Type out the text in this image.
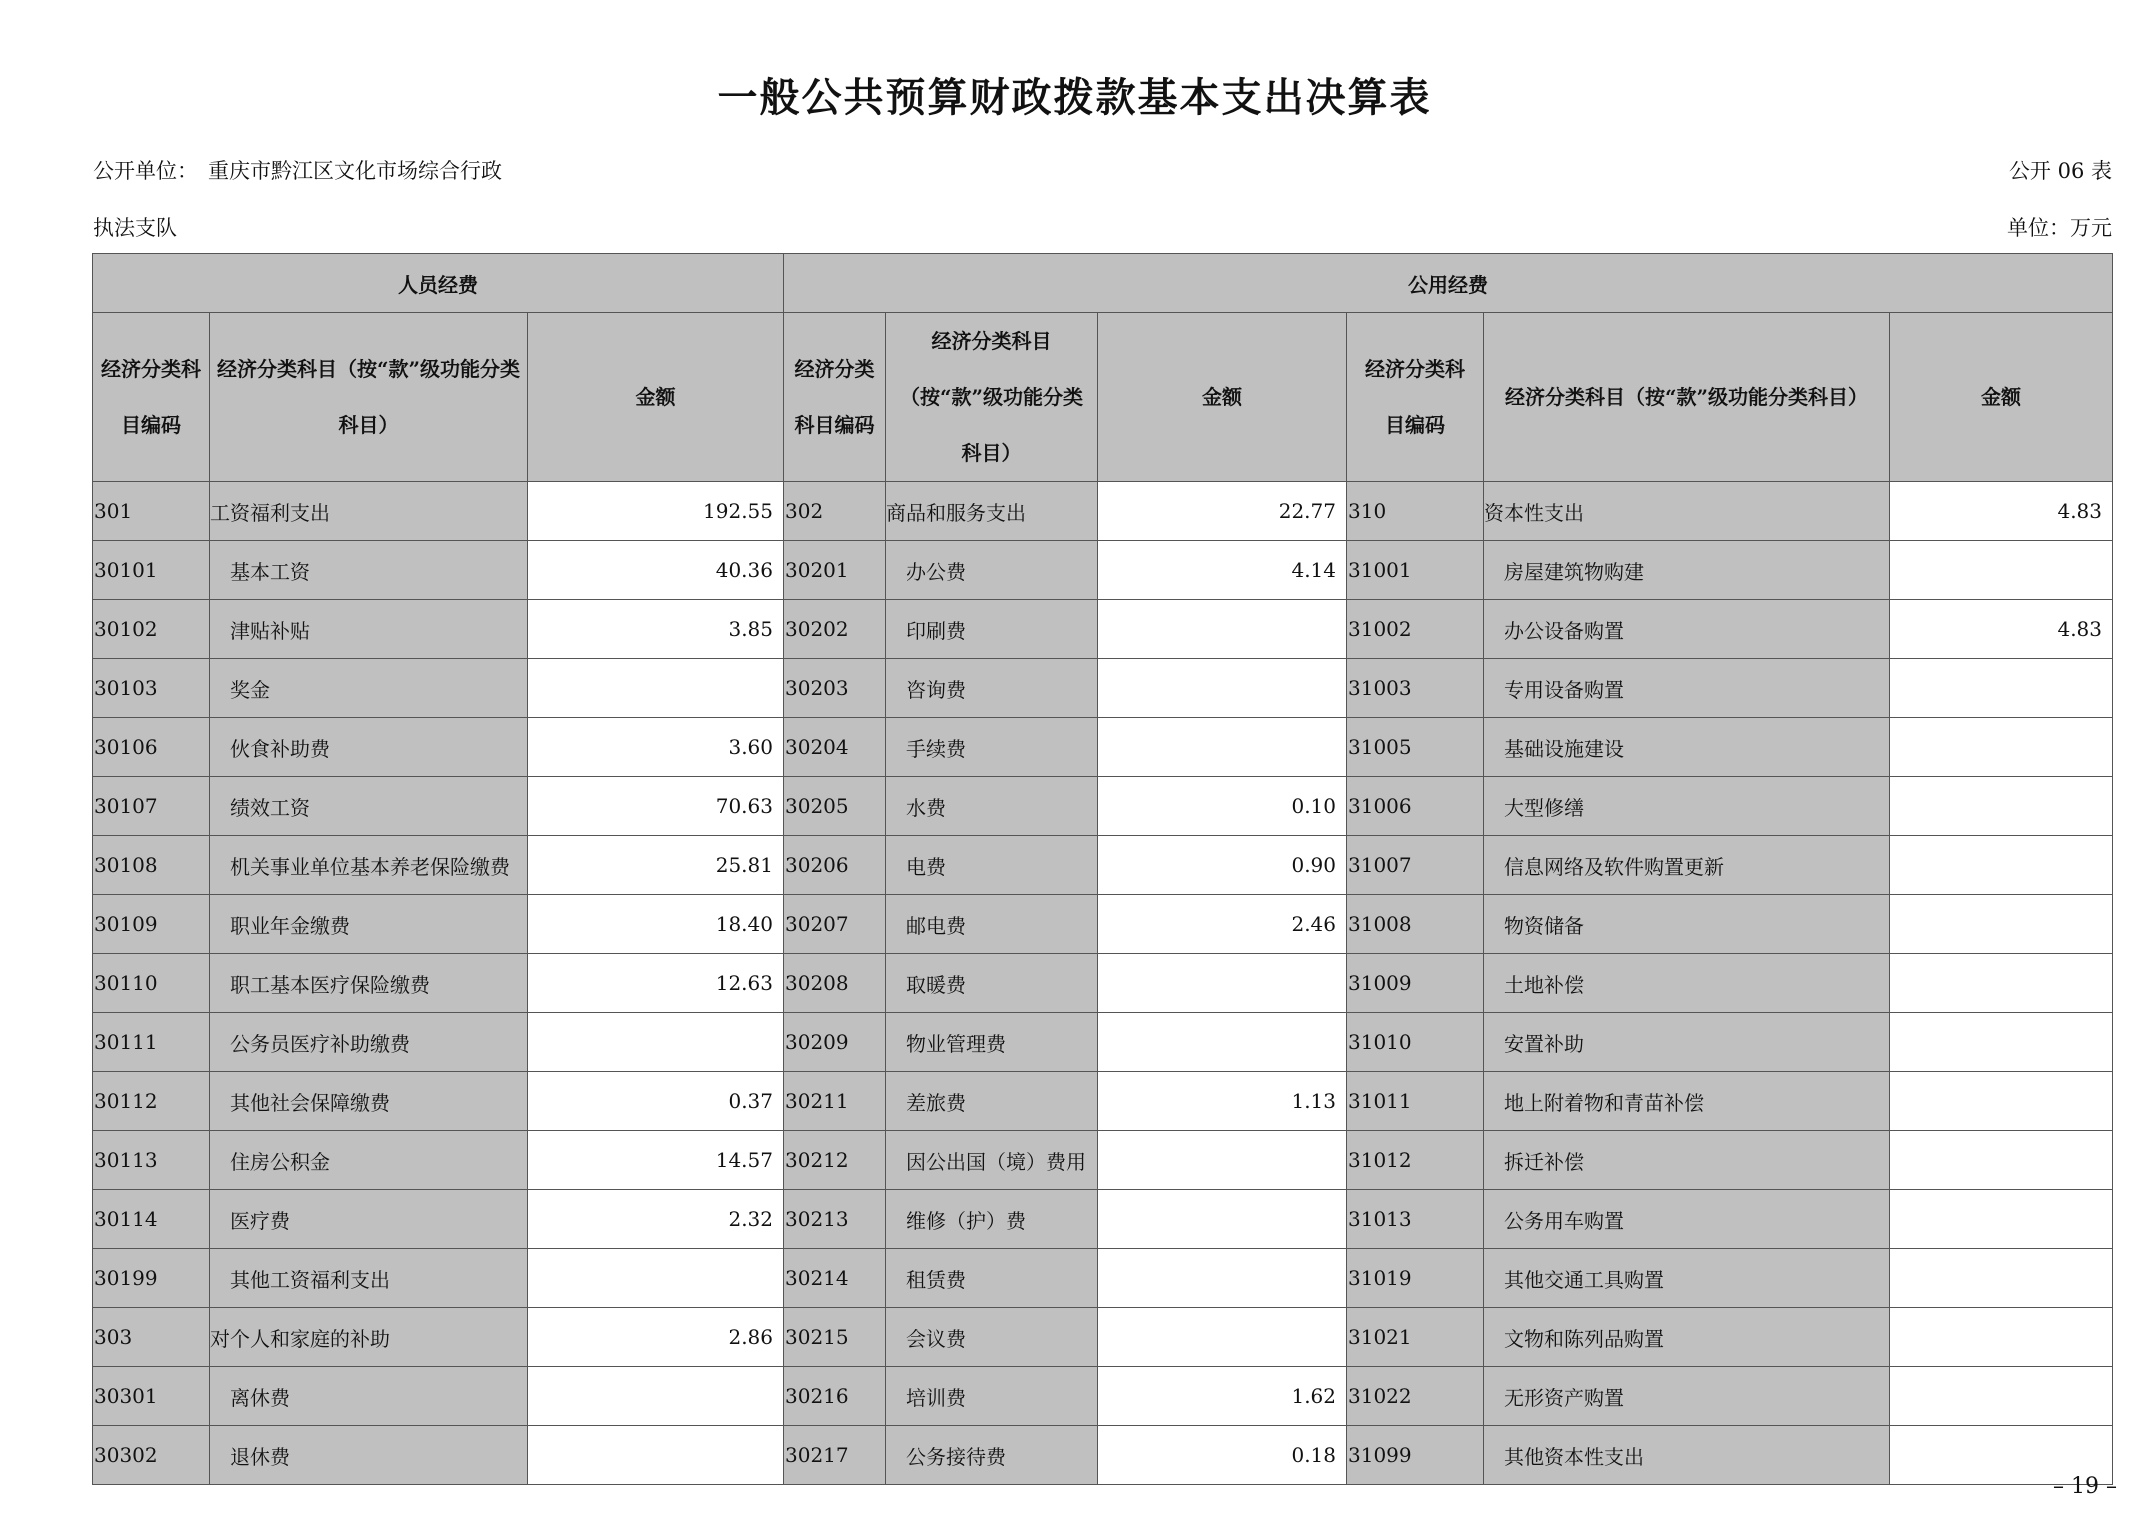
一般公共预算财政拨款基本支出决算表
公开单位： 重庆市黔江区文化市场综合行政
执法支队
公开 06 表
单位：万元
人员经费			公用经费					
经济分类科目编码	经济分类科目（按“款”级功能分类科目）	金额	经济分类科目编码	经济分类科目（按“款”级功能分类科目）	金额	经济分类科目编码	经济分类科目（按“款”级功能分类科目）	金额
301	工资福利支出	192.55	302	商品和服务支出	22.77	310	资本性支出	4.83
30101	基本工资	40.36	30201	办公费	4.14	31001	房屋建筑物购建	
30102	津贴补贴	3.85	30202	印刷费		31002	办公设备购置	4.83
30103	奖金		30203	咨询费		31003	专用设备购置	
30106	伙食补助费	3.60	30204	手续费		31005	基础设施建设	
30107	绩效工资	70.63	30205	水费	0.10	31006	大型修缮	
30108	机关事业单位基本养老保险缴费	25.81	30206	电费	0.90	31007	信息网络及软件购置更新	
30109	职业年金缴费	18.40	30207	邮电费	2.46	31008	物资储备	
30110	职工基本医疗保险缴费	12.63	30208	取暖费		31009	土地补偿	
30111	公务员医疗补助缴费		30209	物业管理费		31010	安置补助	
30112	其他社会保障缴费	0.37	30211	差旅费	1.13	31011	地上附着物和青苗补偿	
30113	住房公积金	14.57	30212	因公出国（境）费用		31012	拆迁补偿	
30114	医疗费	2.32	30213	维修（护）费		31013	公务用车购置	
30199	其他工资福利支出		30214	租赁费		31019	其他交通工具购置	
303	对个人和家庭的补助	2.86	30215	会议费		31021	文物和陈列品购置	
30301	离休费		30216	培训费	1.62	31022	无形资产购置	
30302	退休费		30217	公务接待费	0.18	31099	其他资本性支出	
– 19 –
